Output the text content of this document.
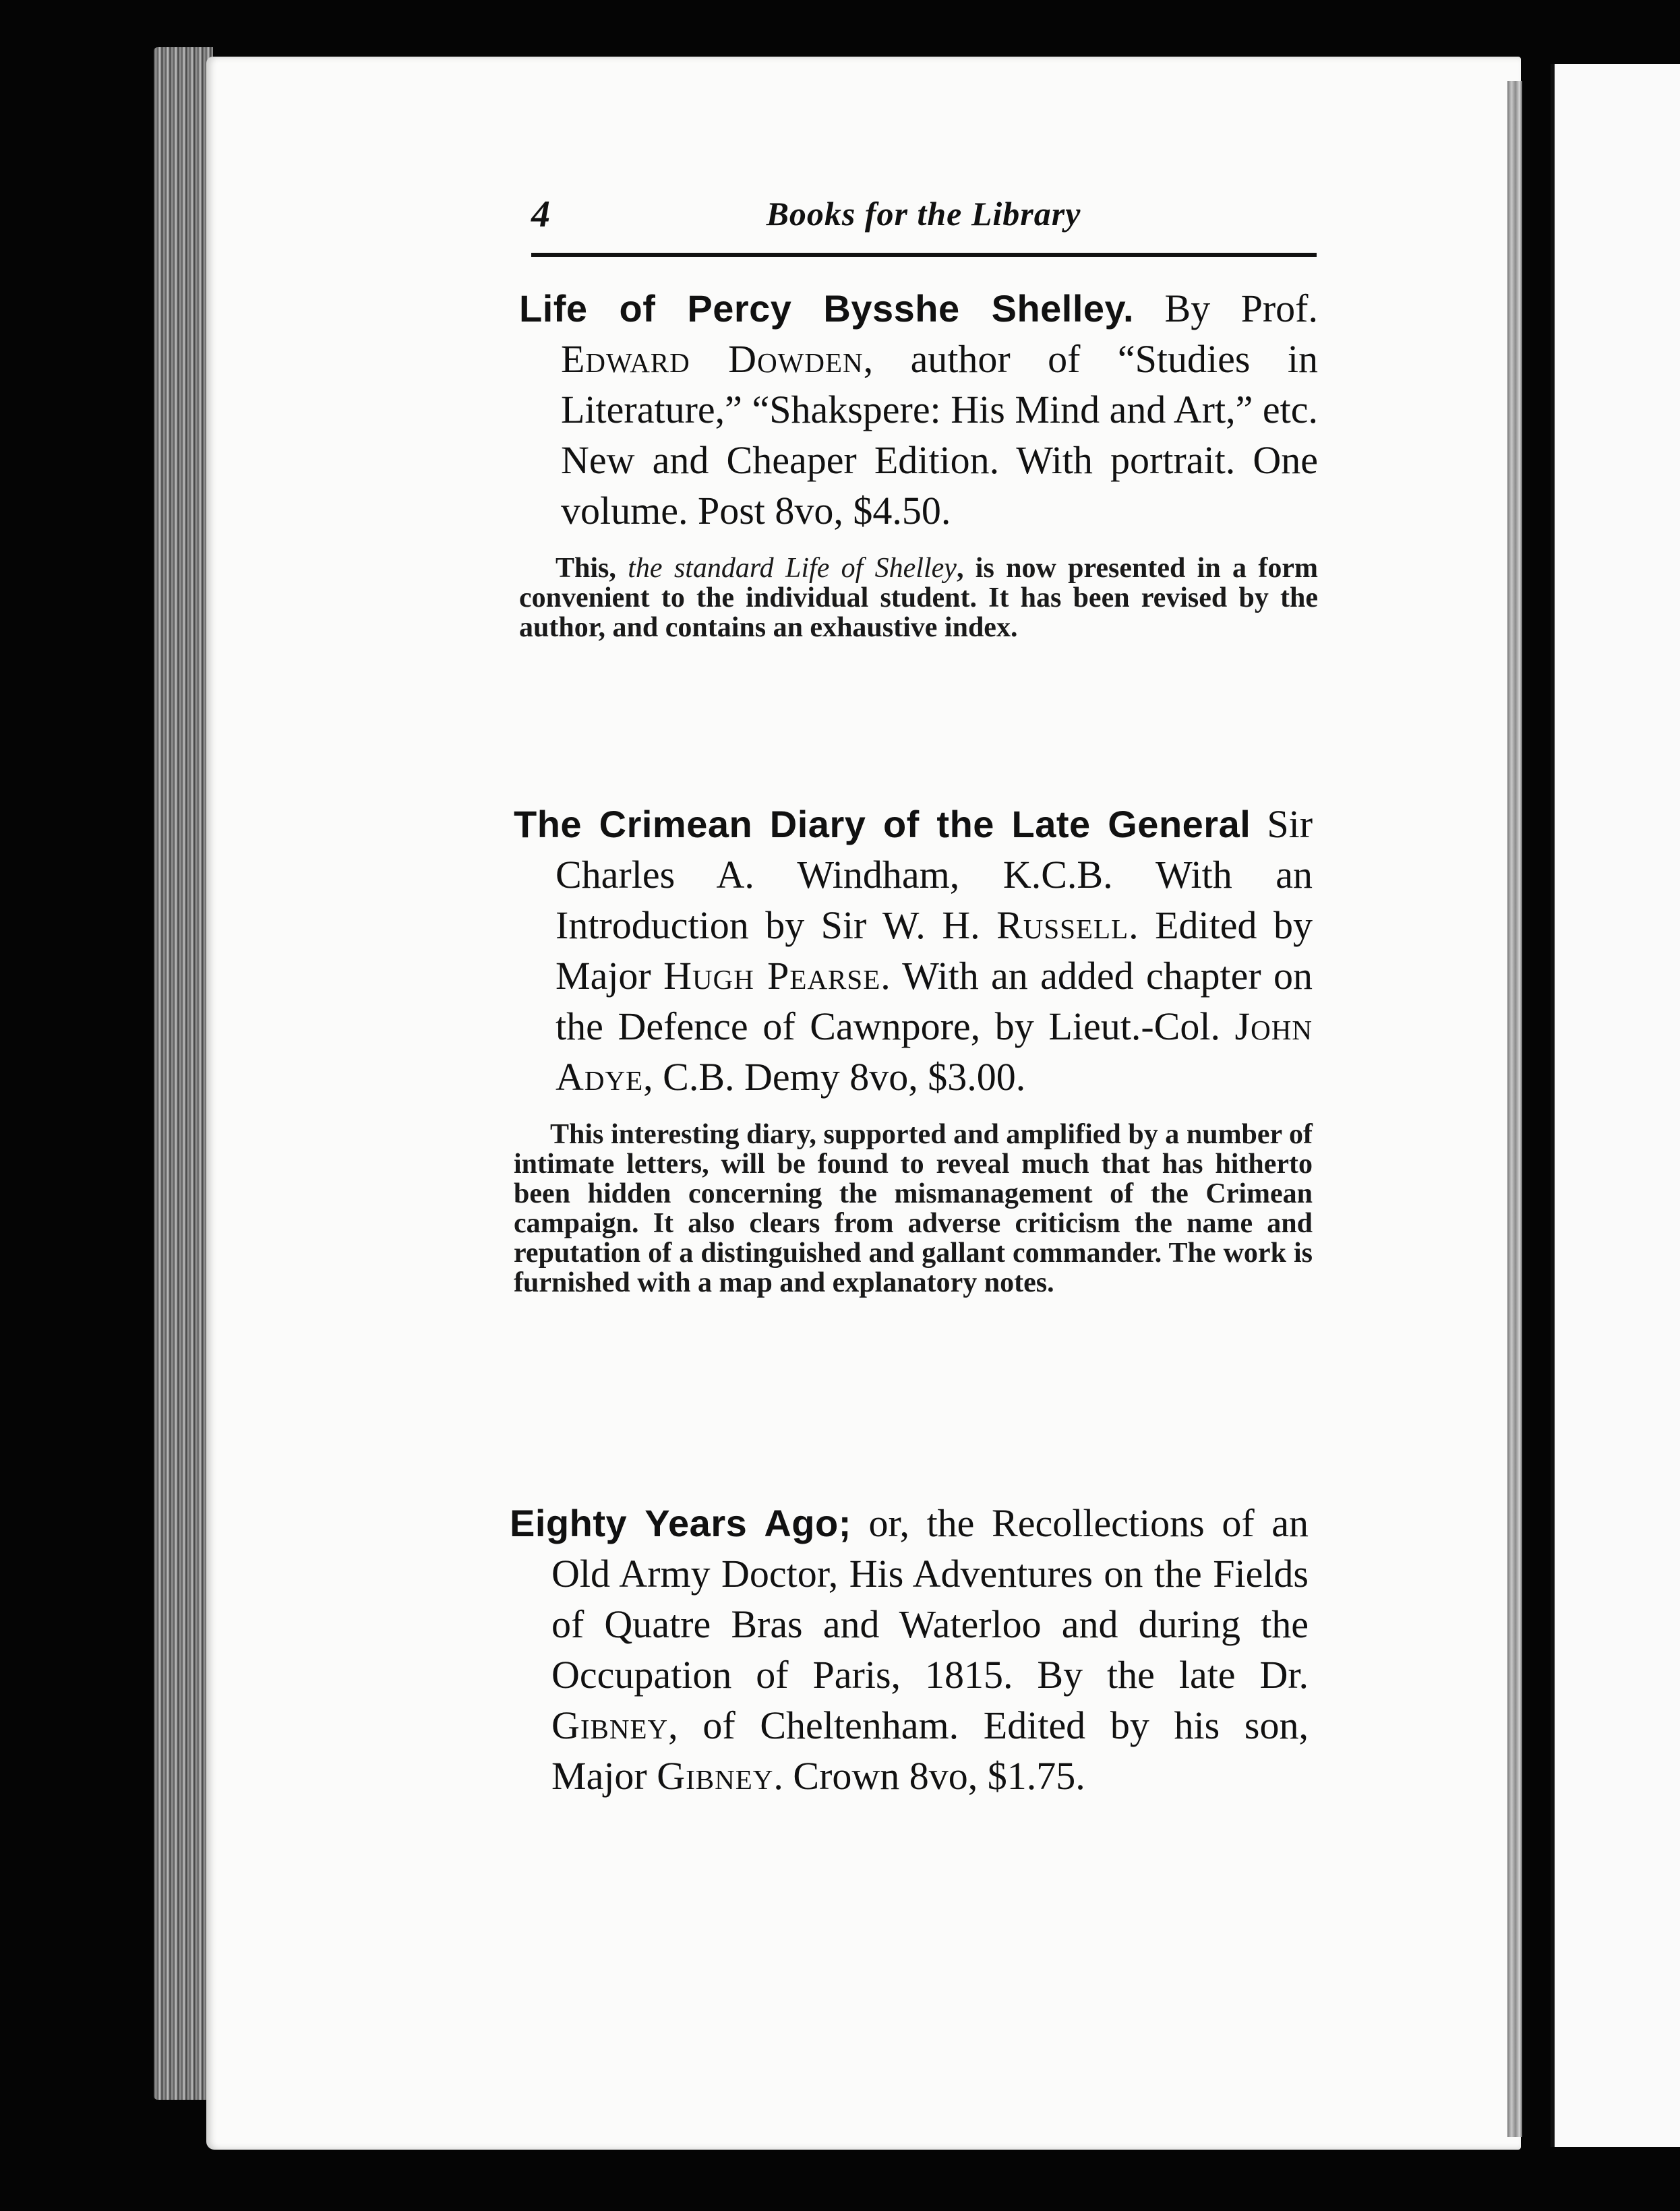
4	Books for the Library

Life of Percy Bysshe Shelley. By Prof. Edward Dowden, author of “Studies in Literature,” “Shakspere: His Mind and Art,” etc. New and Cheaper Edition. With portrait. One volume. Post 8vo, $4.50.

This, the standard Life of Shelley, is now presented in a form convenient to the individual student. It has been revised by the author, and contains an exhaustive index.

The Crimean Diary of the Late General Sir Charles A. Windham, K.C.B. With an Introduction by Sir W. H. Russell. Edited by Major Hugh Pearse. With an added chapter on the Defence of Cawnpore, by Lieut.-Col. John Adye, C.B. Demy 8vo, $3.00.

This interesting diary, supported and amplified by a number of intimate letters, will be found to reveal much that has hitherto been hidden concerning the mismanagement of the Crimean campaign. It also clears from adverse criticism the name and reputation of a distinguished and gallant commander. The work is furnished with a map and explanatory notes.

Eighty Years Ago; or, the Recollections of an Old Army Doctor, His Adventures on the Fields of Quatre Bras and Waterloo and during the Occupation of Paris, 1815. By the late Dr. Gibney, of Cheltenham. Edited by his son, Major Gibney. Crown 8vo, $1.75.
